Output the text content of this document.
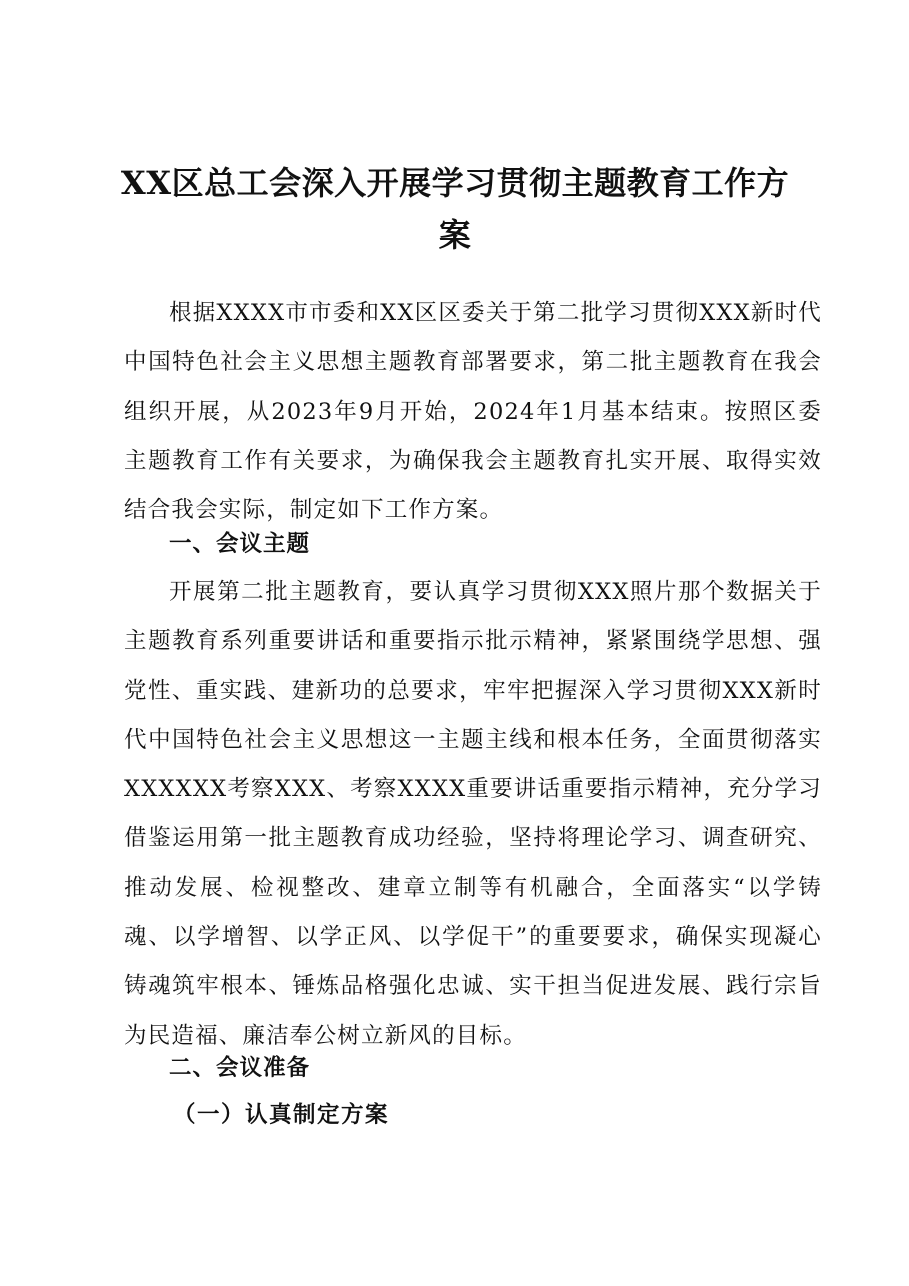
XX区总工会深入开展学习贯彻主题教育工作方案

根据XXXX市市委和XX区区委关于第二批学习贯彻XXX新时代中国特色社会主义思想主题教育部署要求，第二批主题教育在我会组织开展，从2023年9月开始，2024年1月基本结束。按照区委主题教育工作有关要求，为确保我会主题教育扎实开展、取得实效结合我会实际，制定如下工作方案。

一、会议主题

开展第二批主题教育，要认真学习贯彻XXX照片那个数据关于主题教育系列重要讲话和重要指示批示精神，紧紧围绕学思想、强党性、重实践、建新功的总要求，牢牢把握深入学习贯彻XXX新时代中国特色社会主义思想这一主题主线和根本任务，全面贯彻落实XXXXXX考察XXX、考察XXXX重要讲话重要指示精神，充分学习借鉴运用第一批主题教育成功经验，坚持将理论学习、调查研究、推动发展、检视整改、建章立制等有机融合，全面落实“以学铸魂、以学增智、以学正风、以学促干”的重要要求，确保实现凝心铸魂筑牢根本、锤炼品格强化忠诚、实干担当促进发展、践行宗旨为民造福、廉洁奉公树立新风的目标。

二、会议准备
（一）认真制定方案
